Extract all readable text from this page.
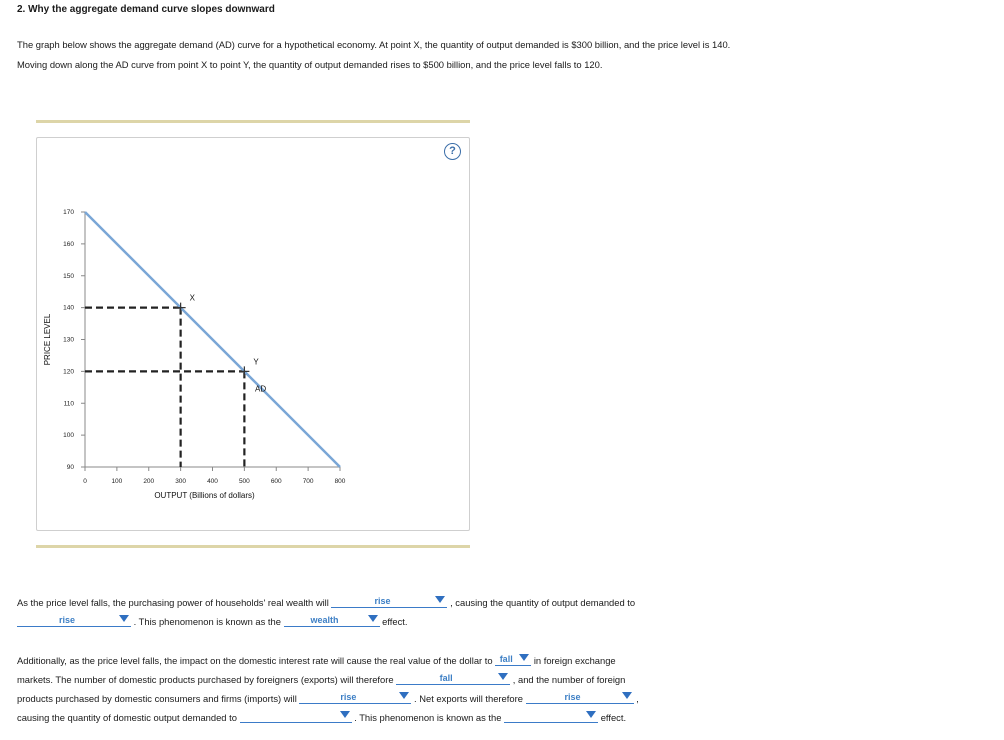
2. Why the aggregate demand curve slopes downward
The graph below shows the aggregate demand (AD) curve for a hypothetical economy. At point X, the quantity of output demanded is $300 billion, and the price level is 140. Moving down along the AD curve from point X to point Y, the quantity of output demanded rises to $500 billion, and the price level falls to 120.
?
PRICE LEVEL
OUTPUT (Billions of dollars)
90
100
110
120
130
140
150
160
170
0	100	200	300	400	500	600	700	800
AD
X
Y
As the price level falls, the purchasing power of households' real wealth will	rise	, causing the quantity of output demanded to

rise	. This phenomenon is known as the	wealth	effect.
Additionally, as the price level falls, the impact on the domestic interest rate will cause the real value of the dollar to fall	in foreign exchange
markets. The number of domestic products purchased by foreigners (exports) will therefore	fall	, and the number of foreign
products purchased by domestic consumers and firms (imports) will	rise	. Net exports will therefore	rise	,
causing the quantity of domestic output demanded to	. This phenomenon is known as the	effect.
